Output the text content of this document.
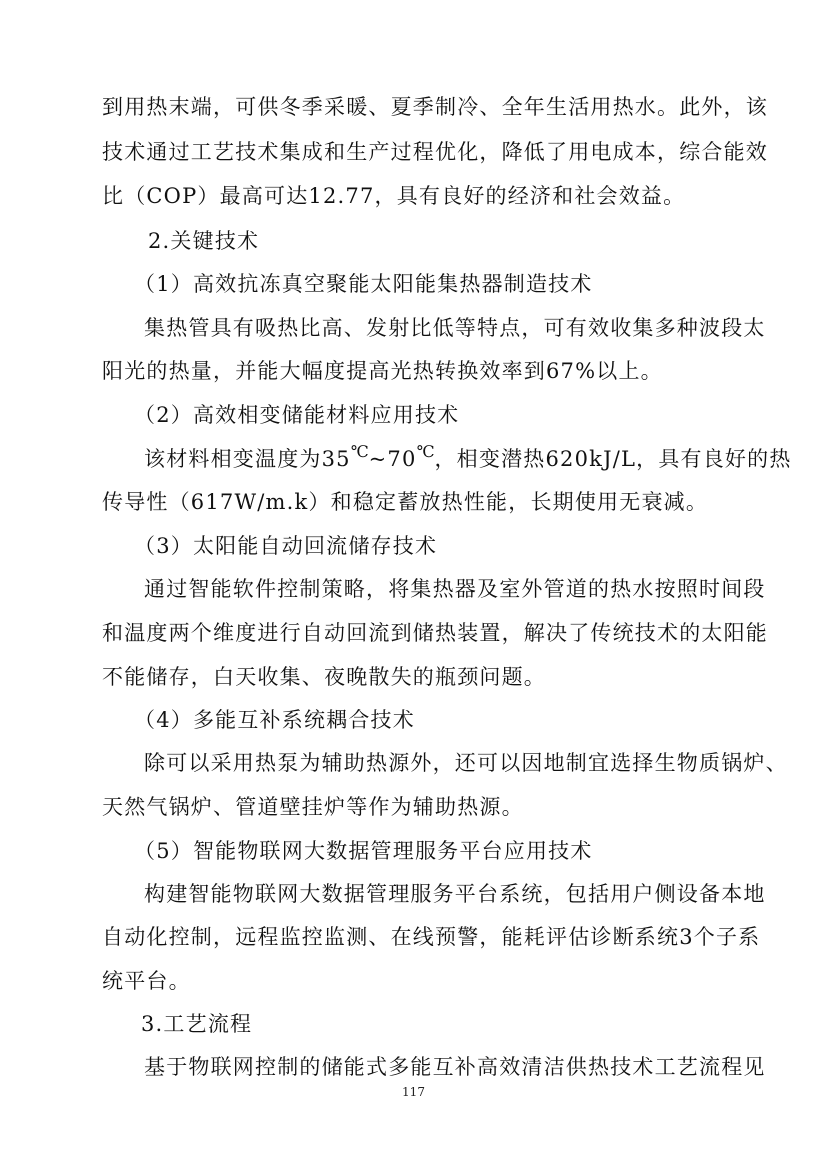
到用热末端，可供冬季采暖、夏季制冷、全年生活用热水。此外，该
技术通过工艺技术集成和生产过程优化，降低了用电成本，综合能效
比（COP）最高可达12.77，具有良好的经济和社会效益。
2.关键技术
（1）高效抗冻真空聚能太阳能集热器制造技术
集热管具有吸热比高、发射比低等特点，可有效收集多种波段太
阳光的热量，并能大幅度提高光热转换效率到67%以上。
（2）高效相变储能材料应用技术
该材料相变温度为35℃~70℃，相变潜热620kJ/L，具有良好的热
传导性（617W/m.k）和稳定蓄放热性能，长期使用无衰减。
（3）太阳能自动回流储存技术
通过智能软件控制策略，将集热器及室外管道的热水按照时间段
和温度两个维度进行自动回流到储热装置，解决了传统技术的太阳能
不能储存，白天收集、夜晚散失的瓶颈问题。
（4）多能互补系统耦合技术
除可以采用热泵为辅助热源外，还可以因地制宜选择生物质锅炉、
天然气锅炉、管道壁挂炉等作为辅助热源。
（5）智能物联网大数据管理服务平台应用技术
构建智能物联网大数据管理服务平台系统，包括用户侧设备本地
自动化控制，远程监控监测、在线预警，能耗评估诊断系统3个子系
统平台。
3.工艺流程
基于物联网控制的储能式多能互补高效清洁供热技术工艺流程见
117
